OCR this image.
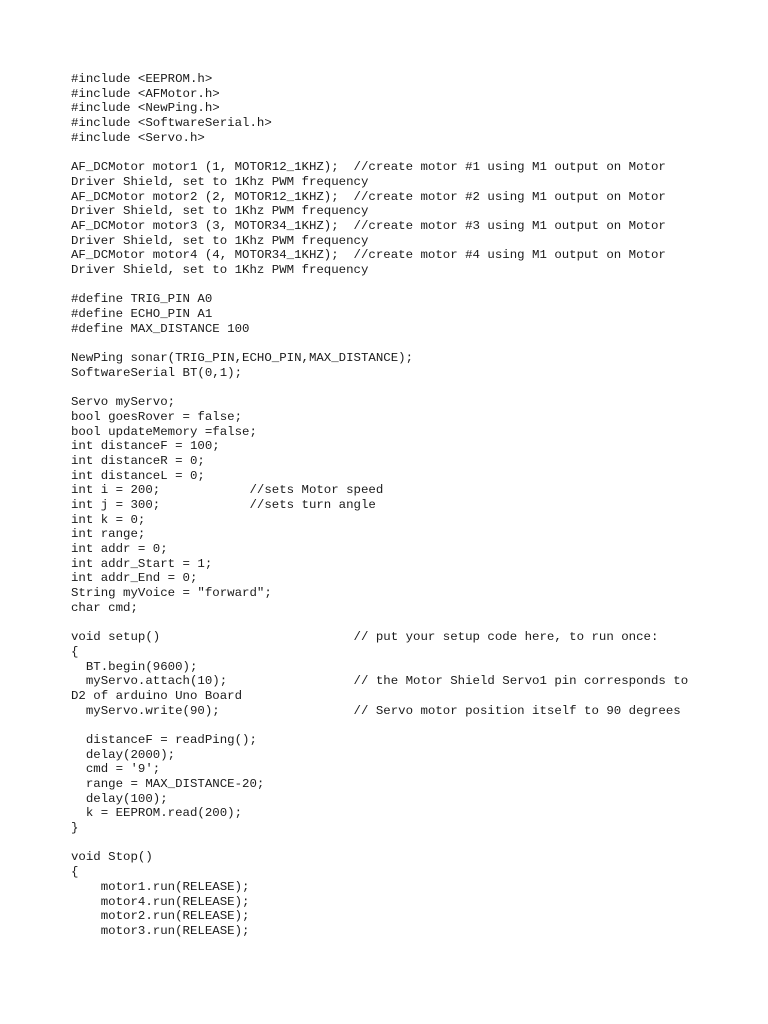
#include <EEPROM.h>
#include <AFMotor.h>
#include <NewPing.h>
#include <SoftwareSerial.h>
#include <Servo.h>
AF_DCMotor motor1 (1, MOTOR12_1KHZ);  //create motor #1 using M1 output on Motor
Driver Shield, set to 1Khz PWM frequency
AF_DCMotor motor2 (2, MOTOR12_1KHZ);  //create motor #2 using M1 output on Motor
Driver Shield, set to 1Khz PWM frequency
AF_DCMotor motor3 (3, MOTOR34_1KHZ);  //create motor #3 using M1 output on Motor
Driver Shield, set to 1Khz PWM frequency
AF_DCMotor motor4 (4, MOTOR34_1KHZ);  //create motor #4 using M1 output on Motor
Driver Shield, set to 1Khz PWM frequency
#define TRIG_PIN A0
#define ECHO_PIN A1
#define MAX_DISTANCE 100
NewPing sonar(TRIG_PIN,ECHO_PIN,MAX_DISTANCE);
SoftwareSerial BT(0,1);
Servo myServo;
bool goesRover = false;
bool updateMemory =false;
int distanceF = 100;
int distanceR = 0;
int distanceL = 0;
int i = 200;            //sets Motor speed
int j = 300;            //sets turn angle
int k = 0;
int range;
int addr = 0;
int addr_Start = 1;
int addr_End = 0;
String myVoice = "forward";
char cmd;
void setup()                          // put your setup code here, to run once:
{
BT.begin(9600);
myServo.attach(10);                 // the Motor Shield Servo1 pin corresponds to
D2 of arduino Uno Board
myServo.write(90);                  // Servo motor position itself to 90 degrees
distanceF = readPing();
delay(2000);
cmd = '9';
range = MAX_DISTANCE-20;
delay(100);
k = EEPROM.read(200);
}
void Stop()
{
motor1.run(RELEASE);
motor4.run(RELEASE);
motor2.run(RELEASE);
motor3.run(RELEASE);
